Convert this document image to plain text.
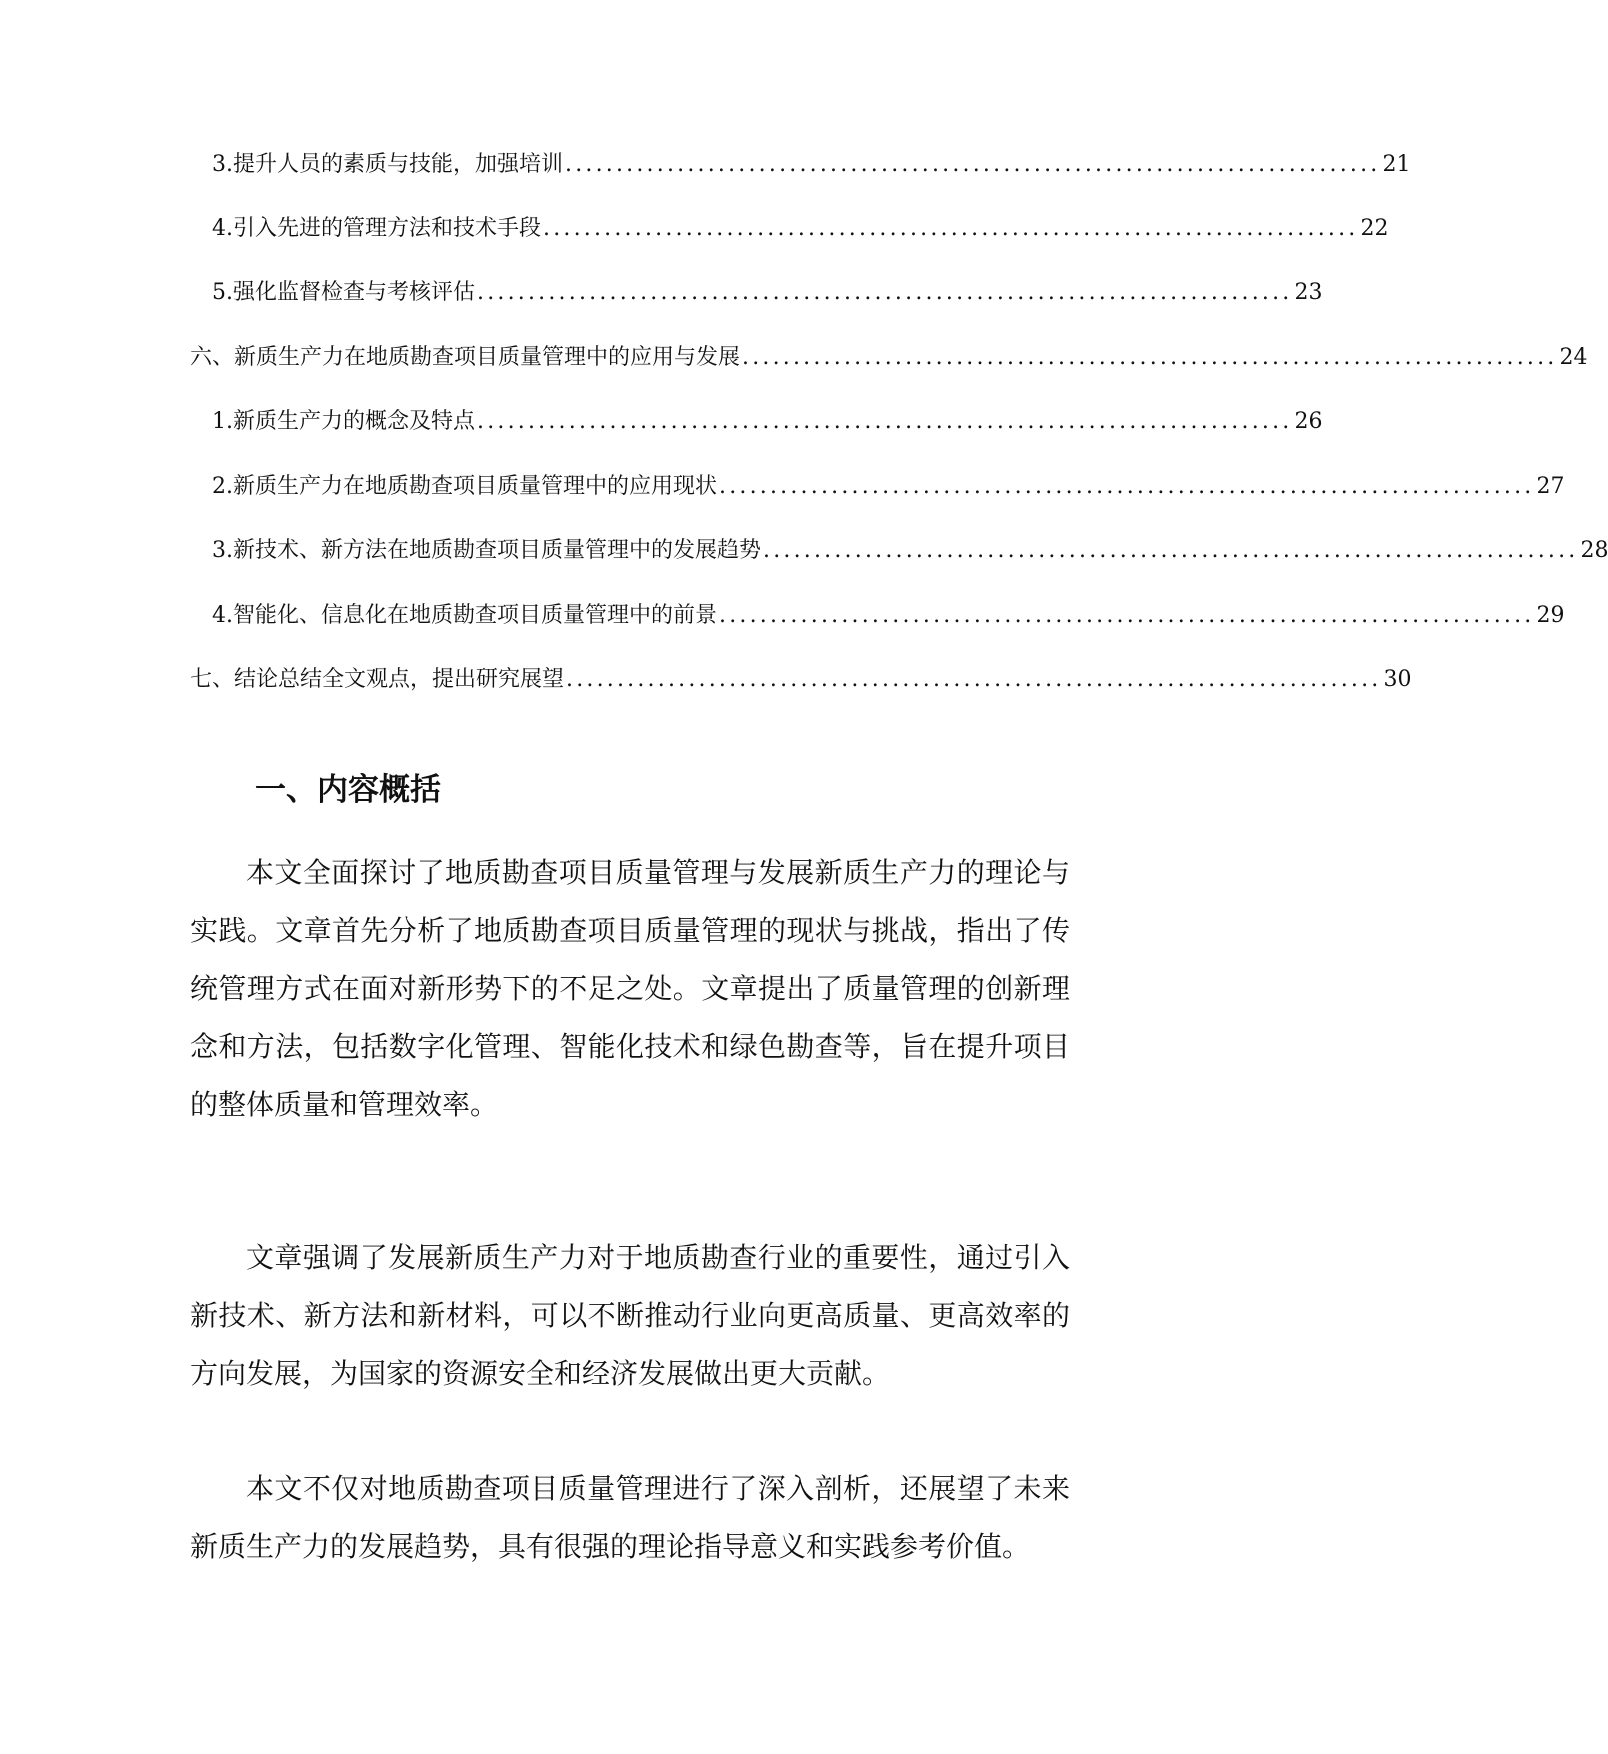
3. 提升人员的素质与技能，加强培训 ................................................................................ 21
4. 引入先进的管理方法和技术手段 ................................................................................ 22
5. 强化监督检查与考核评估 ................................................................................ 23
六、新质生产力在地质勘查项目质量管理中的应用与发展 ................................................................................ 24
1. 新质生产力的概念及特点 ................................................................................ 26
2. 新质生产力在地质勘查项目质量管理中的应用现状 ................................................................................ 27
3. 新技术、新方法在地质勘查项目质量管理中的发展趋势 ................................................................................ 28
4. 智能化、信息化在地质勘查项目质量管理中的前景 ................................................................................ 29
七、结论总结全文观点，提出研究展望 ................................................................................ 30
一、内容概括

本文全面探讨了地质勘查项目质量管理与发展新质生产力的理论与实践。文章首先分析了地质勘查项目质量管理的现状与挑战，指出了传统管理方式在面对新形势下的不足之处。文章提出了质量管理的创新理念和方法，包括数字化管理、智能化技术和绿色勘查等，旨在提升项目的整体质量和管理效率。

文章强调了发展新质生产力对于地质勘查行业的重要性，通过引入新技术、新方法和新材料，可以不断推动行业向更高质量、更高效率的方向发展，为国家的资源安全和经济发展做出更大贡献。

本文不仅对地质勘查项目质量管理进行了深入剖析，还展望了未来新质生产力的发展趋势，具有很强的理论指导意义和实践参考价值。
